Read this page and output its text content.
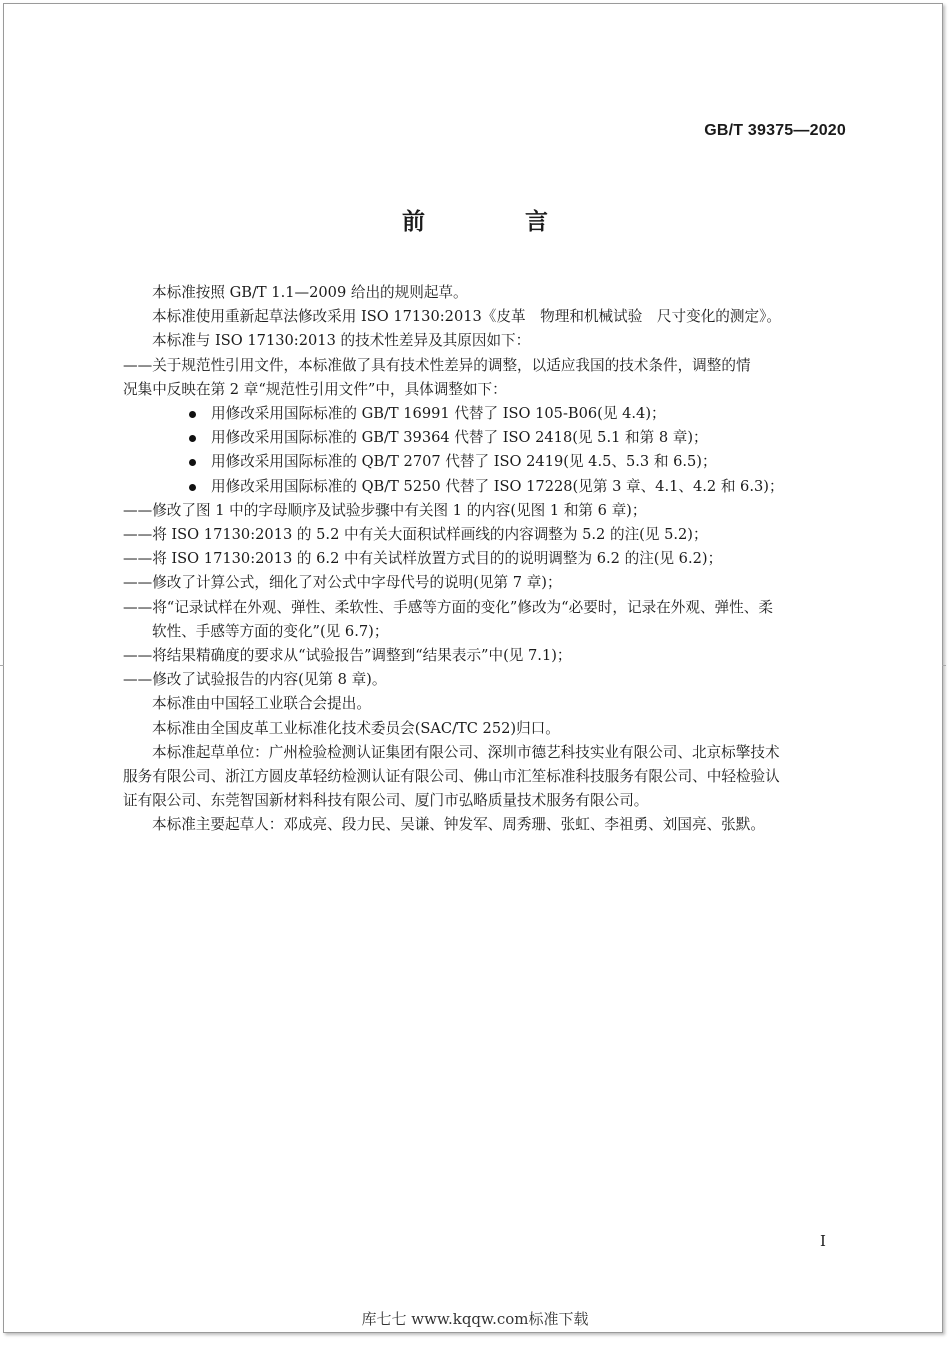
GB/T 39375—2020
前 言

本标准按照 GB/T 1.1—2009 给出的规则起草。

本标准使用重新起草法修改采用 ISO 17130:2013《皮革　物理和机械试验　尺寸变化的测定》。

本标准与 ISO 17130:2013 的技术性差异及其原因如下：

——关于规范性引用文件，本标准做了具有技术性差异的调整，以适应我国的技术条件，调整的情

况集中反映在第 2 章“规范性引用文件”中，具体调整如下：

用修改采用国际标准的 GB/T 16991 代替了 ISO 105-B06(见 4.4)；

用修改采用国际标准的 GB/T 39364 代替了 ISO 2418(见 5.1 和第 8 章)；

用修改采用国际标准的 QB/T 2707 代替了 ISO 2419(见 4.5、5.3 和 6.5)；

用修改采用国际标准的 QB/T 5250 代替了 ISO 17228(见第 3 章、4.1、4.2 和 6.3)；

——修改了图 1 中的字母顺序及试验步骤中有关图 1 的内容(见图 1 和第 6 章)；

——将 ISO 17130:2013 的 5.2 中有关大面积试样画线的内容调整为 5.2 的注(见 5.2)；

——将 ISO 17130:2013 的 6.2 中有关试样放置方式目的的说明调整为 6.2 的注(见 6.2)；

——修改了计算公式，细化了对公式中字母代号的说明(见第 7 章)；

——将“记录试样在外观、弹性、柔软性、手感等方面的变化”修改为“必要时，记录在外观、弹性、柔

软性、手感等方面的变化”(见 6.7)；

——将结果精确度的要求从“试验报告”调整到“结果表示”中(见 7.1)；

——修改了试验报告的内容(见第 8 章)。

本标准由中国轻工业联合会提出。

本标准由全国皮革工业标准化技术委员会(SAC/TC 252)归口。

本标准起草单位：广州检验检测认证集团有限公司、深圳市德艺科技实业有限公司、北京标擎技术

服务有限公司、浙江方圆皮革轻纺检测认证有限公司、佛山市汇笙标准科技服务有限公司、中轻检验认

证有限公司、东莞智国新材料科技有限公司、厦门市弘略质量技术服务有限公司。

本标准主要起草人：邓成亮、段力民、吴谦、钟发军、周秀珊、张虹、李祖勇、刘国亮、张默。

I
库七七 www.kqqw.com标准下载
